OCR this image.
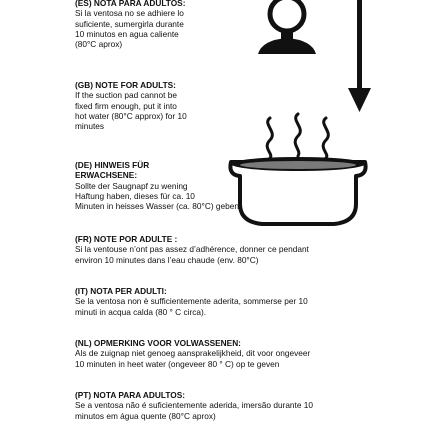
(ES) NOTA PARA ADULTOS:
Si la ventosa no se adhiere lo
suficiente, sumergirla durante
10 minutos en agua caliente
(80°C aprox)
(GB) NOTE FOR ADULTS:
If the suction pad cannot be
fixed firm enough, put it into
hot water (80°C approx) for 10
minutes
(DE) HINWEIS FÜR
ERWACHSENE:
Sollte der Saugnapf zu wening
Haftung haben, dieses für ca. 10
Minuten in heisses Wasser (ca. 80°C) geben
(FR) NOTE POR ADULTE :
Si la ventouse n’ont pas assez d’adhérence, donner ce pendant
environ 10 minutes dans l’eau chaude (env. 80°C)
(IT) NOTA PER ADULTI:
Se la ventosa non è sufficientemente aderita, sommerse per 10
minuti in acqua calda (80 ° C circa).
(NL) OPMERKING VOOR VOLWASSENEN:
Als de zuignap niet genoeg aansprakelijkheid, dit voor ongeveer
10 minuten in heet water (ongeveer 80 ° C) op te geven
(PT) NOTA PARA ADULTOS:
Se a ventosa não é suficientemente aderida, imersão durante 10
minutos em água quente (80°C aprox)
